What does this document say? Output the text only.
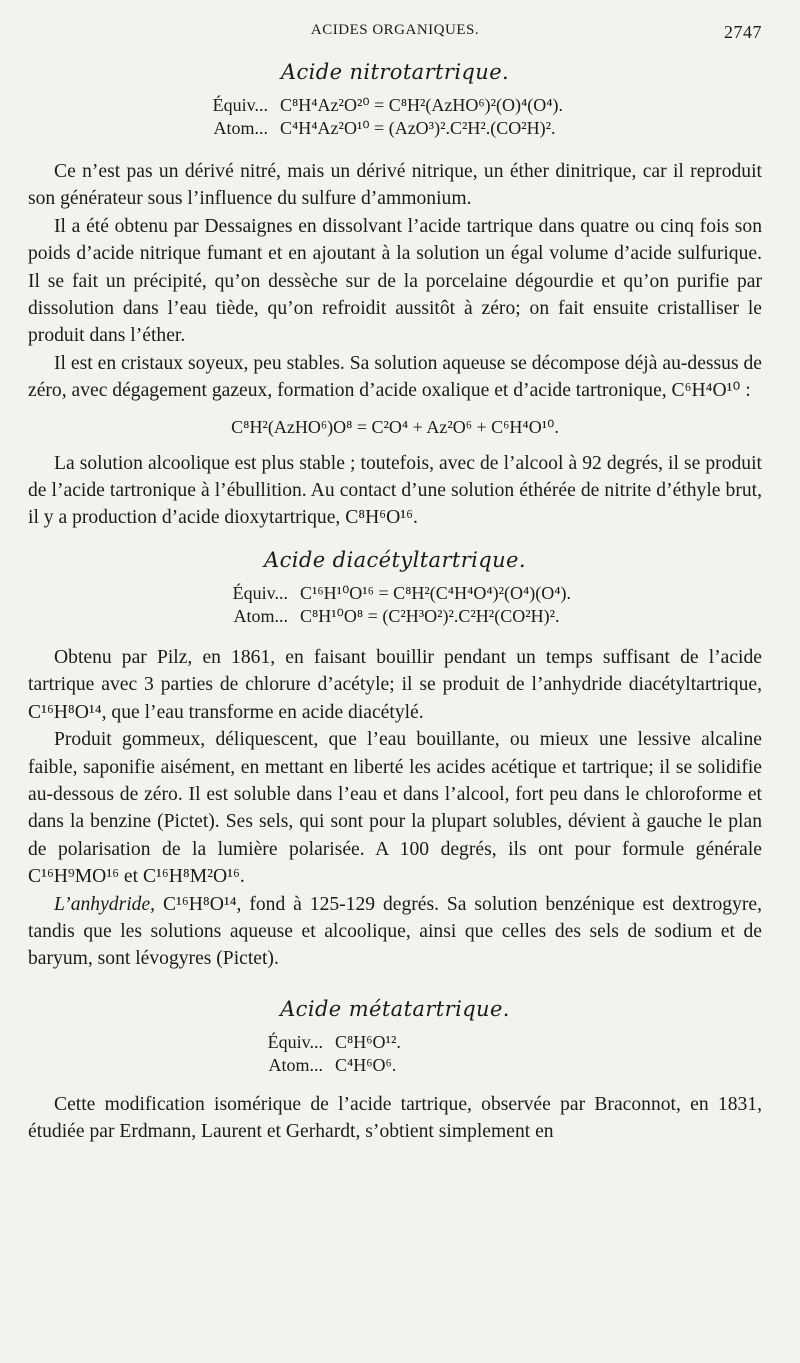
ACIDES ORGANIQUES.	2747
Acide nitrotartrique.
Équiv... C⁸H⁴Az²O²⁰ = C⁸H²(AzHO⁶)²(O)⁴(O⁴).
Atom... C⁴H⁴Az²O¹⁰ = (AzO³)².C²H².(CO²H)².

Ce n’est pas un dérivé nitré, mais un dérivé nitrique, un éther dinitrique, car il reproduit son générateur sous l’influence du sulfure d’ammonium.

Il a été obtenu par Dessaignes en dissolvant l’acide tartrique dans quatre ou cinq fois son poids d’acide nitrique fumant et en ajoutant à la solution un égal volume d’acide sulfurique. Il se fait un précipité, qu’on dessèche sur de la porcelaine dégourdie et qu’on purifie par dissolution dans l’eau tiède, qu’on refroidit aussitôt à zéro; on fait ensuite cristalliser le produit dans l’éther.

Il est en cristaux soyeux, peu stables. Sa solution aqueuse se décompose déjà au-dessus de zéro, avec dégagement gazeux, formation d’acide oxalique et d’acide tartronique, C⁶H⁴O¹⁰ :

C⁸H²(AzHO⁶)O⁸ = C²O⁴ + Az²O⁶ + C⁶H⁴O¹⁰.

La solution alcoolique est plus stable ; toutefois, avec de l’alcool à 92 degrés, il se produit de l’acide tartronique à l’ébullition. Au contact d’une solution éthérée de nitrite d’éthyle brut, il y a production d’acide dioxytartrique, C⁸H⁶O¹⁶.

Acide diacétyltartrique.
Équiv... C¹⁶H¹⁰O¹⁶ = C⁸H²(C⁴H⁴O⁴)²(O⁴)(O⁴).
Atom... C⁸H¹⁰O⁸ = (C²H³O²)².C²H²(CO²H)².

Obtenu par Pilz, en 1861, en faisant bouillir pendant un temps suffisant de l’acide tartrique avec 3 parties de chlorure d’acétyle; il se produit de l’anhydride diacétyltartrique, C¹⁶H⁸O¹⁴, que l’eau transforme en acide diacétylé.

Produit gommeux, déliquescent, que l’eau bouillante, ou mieux une lessive alcaline faible, saponifie aisément, en mettant en liberté les acides acétique et tartrique; il se solidifie au-dessous de zéro. Il est soluble dans l’eau et dans l’alcool, fort peu dans le chloroforme et dans la benzine (Pictet). Ses sels, qui sont pour la plupart solubles, dévient à gauche le plan de polarisation de la lumière polarisée. A 100 degrés, ils ont pour formule générale C¹⁶H⁹MO¹⁶ et C¹⁶H⁸M²O¹⁶.

L’anhydride, C¹⁶H⁸O¹⁴, fond à 125-129 degrés. Sa solution benzénique est dextrogyre, tandis que les solutions aqueuse et alcoolique, ainsi que celles des sels de sodium et de baryum, sont lévogyres (Pictet).

Acide métatartrique.
Équiv... C⁸H⁶O¹².
Atom... C⁴H⁶O⁶.

Cette modification isomérique de l’acide tartrique, observée par Braconnot, en 1831, étudiée par Erdmann, Laurent et Gerhardt, s’obtient simplement en
